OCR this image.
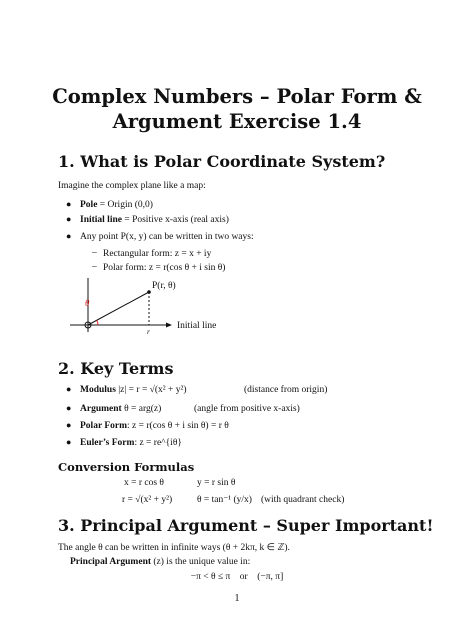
Complex Numbers – Polar Form &
Argument Exercise 1.4
1. What is Polar Coordinate System?
Imagine the complex plane like a map:
● Pole = Origin (0,0)
● Initial line = Positive x-axis (real axis)
● Any point P(x, y) can be written in two ways:
– Rectangular form: z = x + iy
– Polar form: z = r(cos θ + i sin θ)
θ
P(r, θ)
r
Initial line
2. Key Terms
● Modulus |z| = r = √(x² + y²)	(distance from origin)
● Argument θ = arg(z)	(angle from positive x-axis)
● Polar Form: z = r(cos θ + i sin θ) = r θ
● Euler’s Form: z = re^{iθ}
Conversion Formulas
x = r cos θ	y = r sin θ
r = √(x² + y²)	θ = tan⁻¹ (y/x) (with quadrant check)
3. Principal Argument – Super Important!
The angle θ can be written in infinite ways (θ + 2kπ, k ∈ ℤ).
Principal Argument (z) is the unique value in:
−π < θ ≤ π    or    (−π, π]
1
